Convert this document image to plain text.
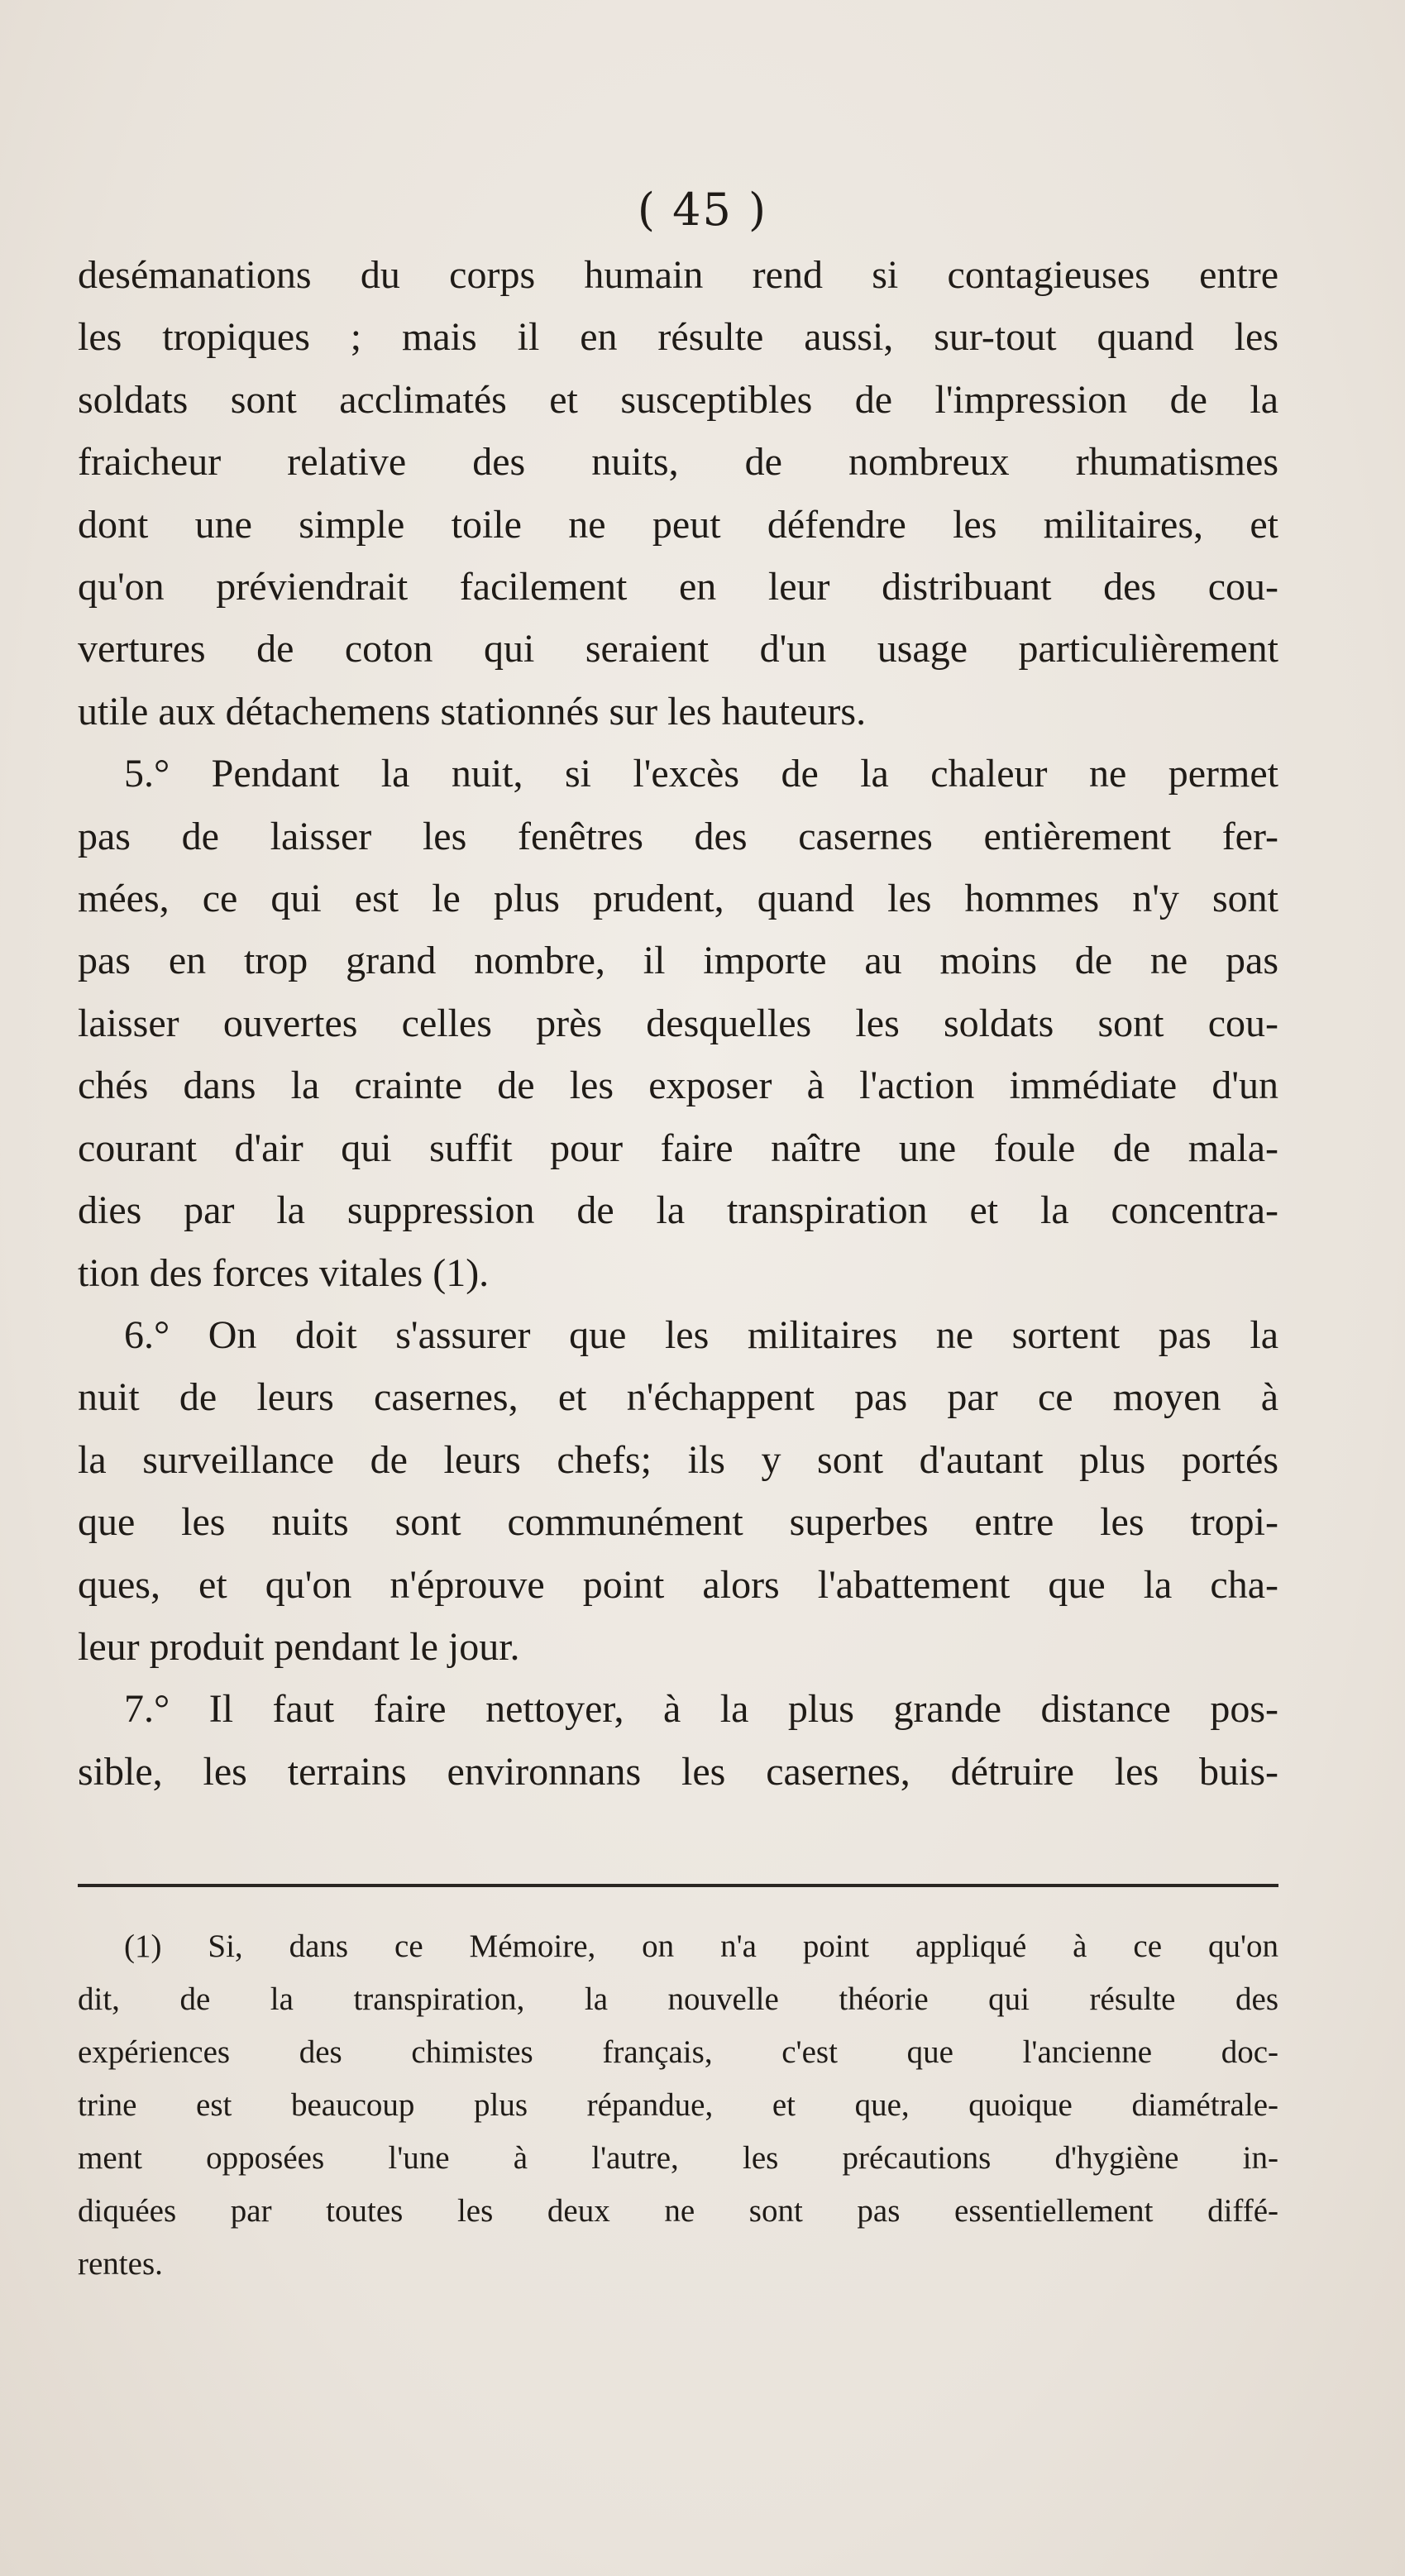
( 45 )
desémanations du corps humain rend si contagieuses entre
les tropiques ; mais il en résulte aussi, sur-tout quand les
soldats sont acclimatés et susceptibles de l'impression de la
fraicheur relative des nuits, de nombreux rhumatismes
dont une simple toile ne peut défendre les militaires, et
qu'on préviendrait facilement en leur distribuant des cou-
vertures de coton qui seraient d'un usage particulièrement
utile aux détachemens stationnés sur les hauteurs.
5.° Pendant la nuit, si l'excès de la chaleur ne permet
pas de laisser les fenêtres des casernes entièrement fer-
mées, ce qui est le plus prudent, quand les hommes n'y sont
pas en trop grand nombre, il importe au moins de ne pas
laisser ouvertes celles près desquelles les soldats sont cou-
chés dans la crainte de les exposer à l'action immédiate d'un
courant d'air qui suffit pour faire naître une foule de mala-
dies par la suppression de la transpiration et la concentra-
tion des forces vitales (1).
6.° On doit s'assurer que les militaires ne sortent pas la
nuit de leurs casernes, et n'échappent pas par ce moyen à
la surveillance de leurs chefs; ils y sont d'autant plus portés
que les nuits sont communément superbes entre les tropi-
ques, et qu'on n'éprouve point alors l'abattement que la cha-
leur produit pendant le jour.
7.° Il faut faire nettoyer, à la plus grande distance pos-
sible, les terrains environnans les casernes, détruire les buis-
(1) Si, dans ce Mémoire, on n'a point appliqué à ce qu'on
dit, de la transpiration, la nouvelle théorie qui résulte des
expériences des chimistes français, c'est que l'ancienne doc-
trine est beaucoup plus répandue, et que, quoique diamétrale-
ment opposées l'une à l'autre, les précautions d'hygiène in-
diquées par toutes les deux ne sont pas essentiellement diffé-
rentes.
